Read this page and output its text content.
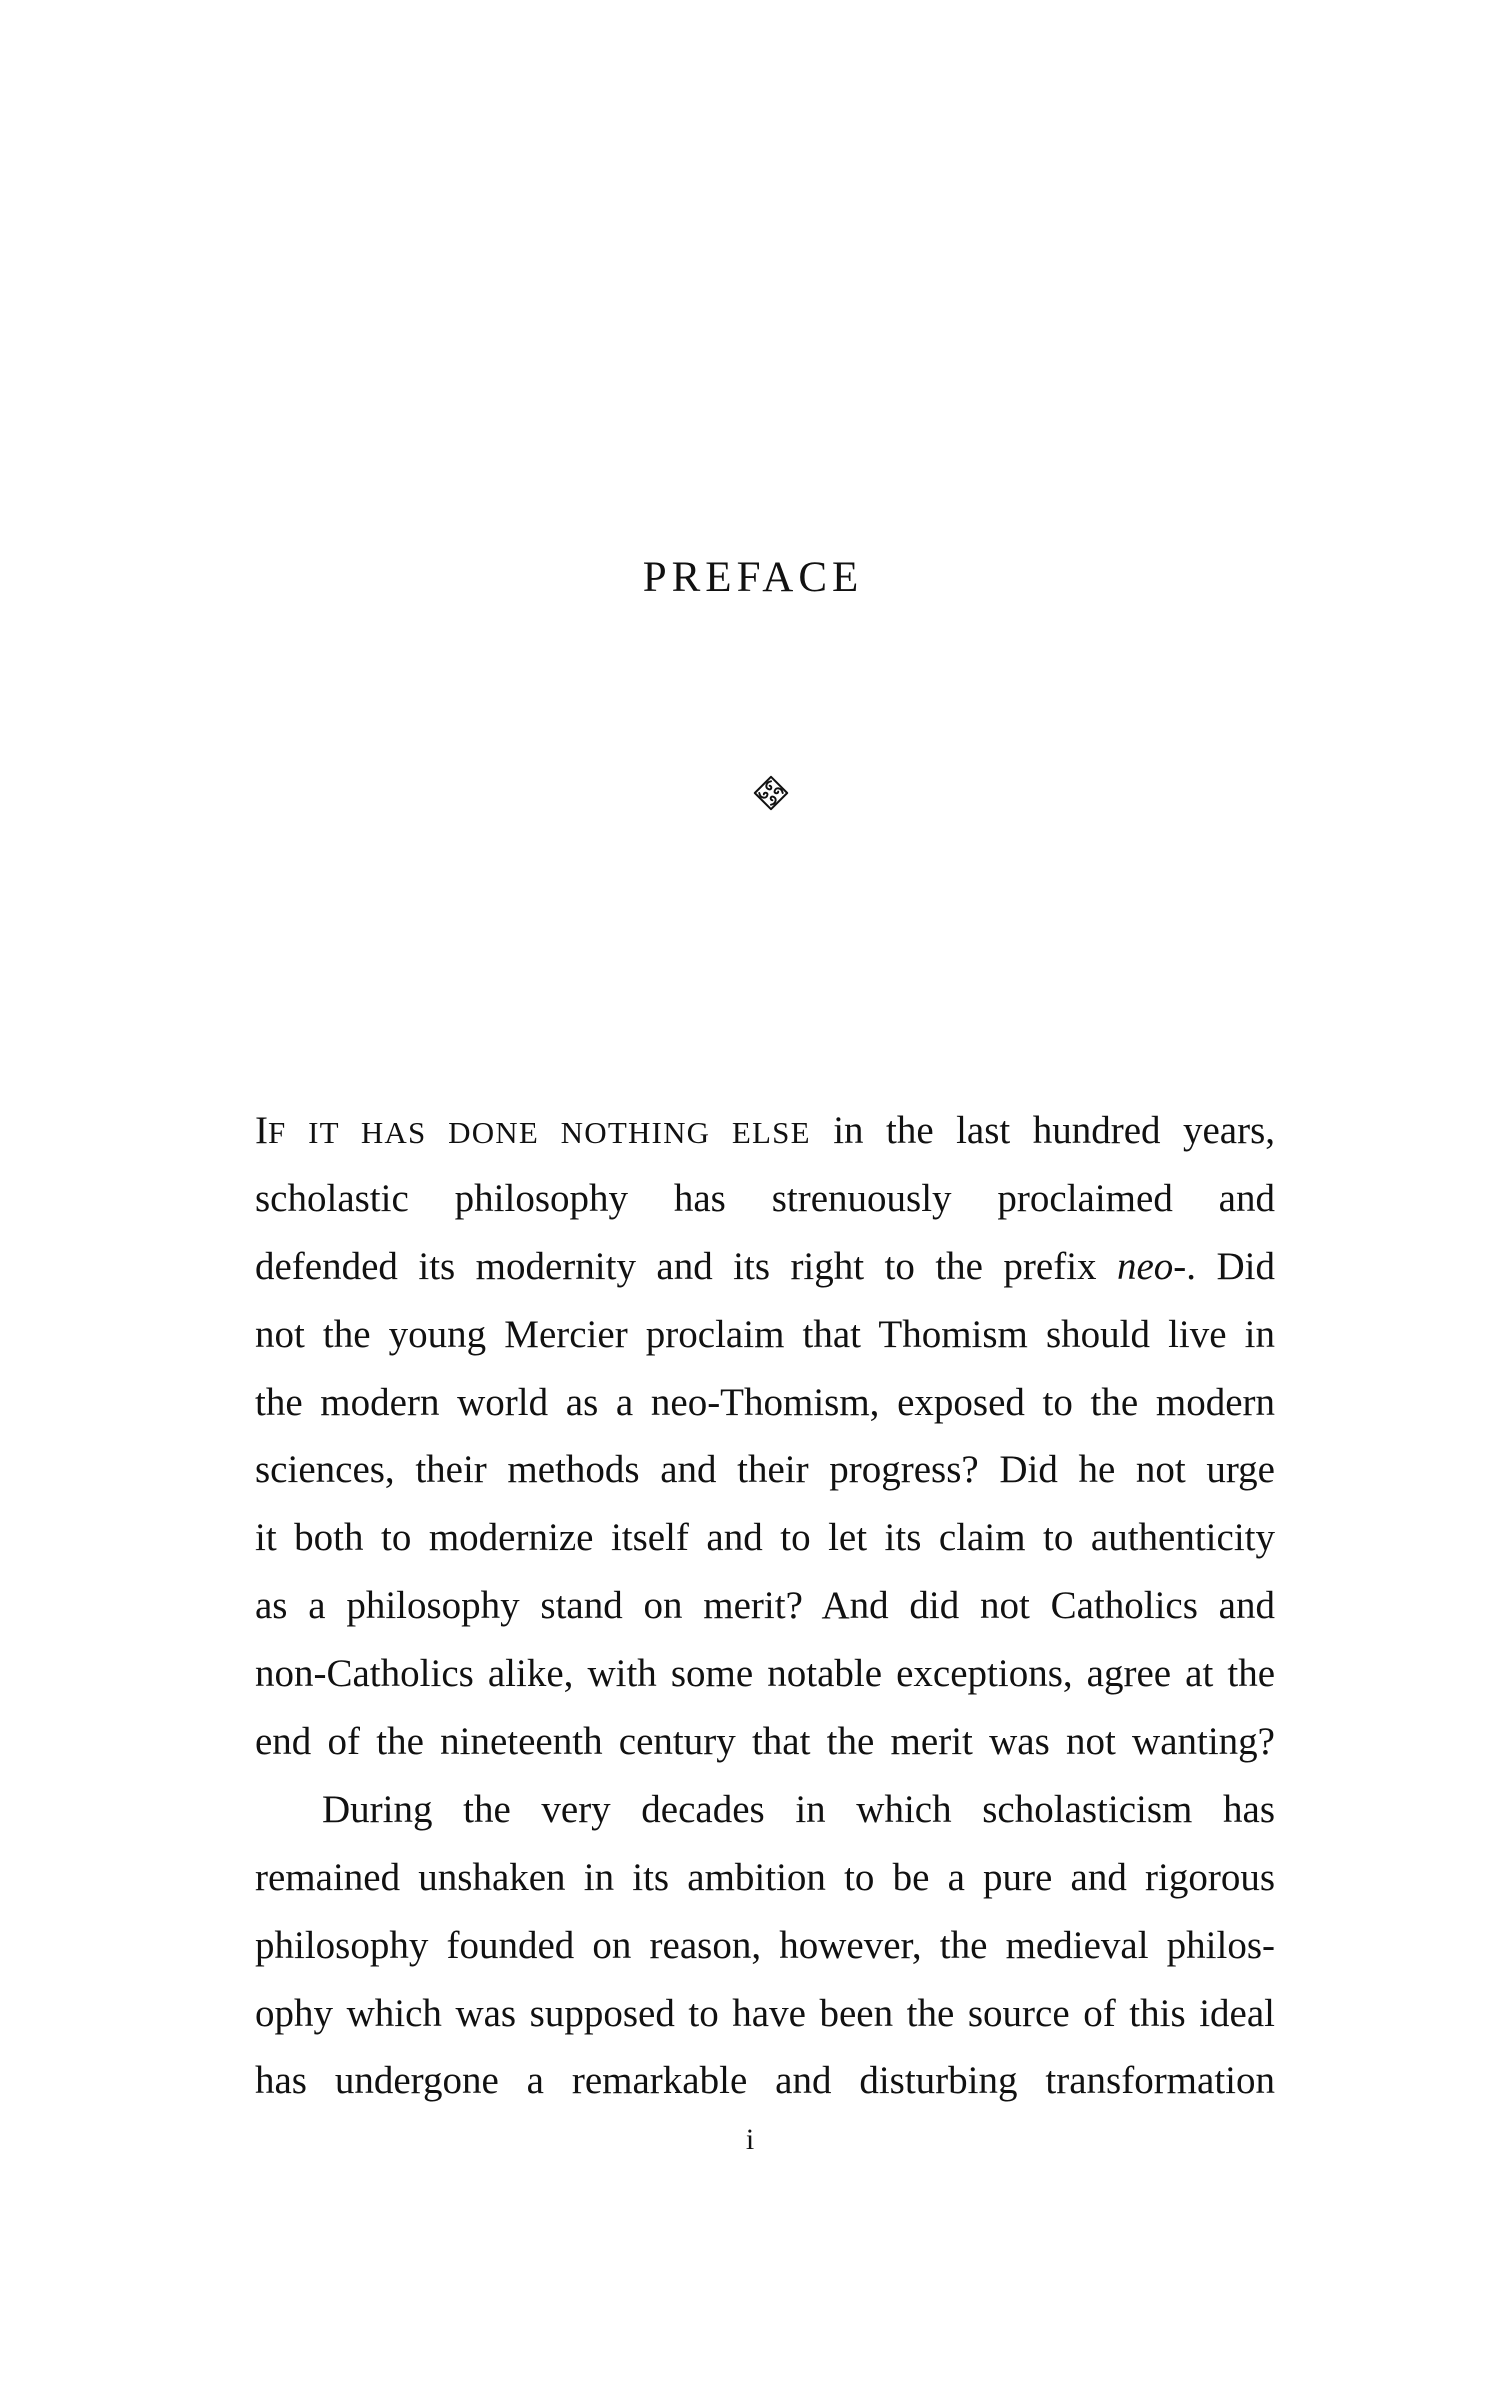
PREFACE
IF IT HAS DONE NOTHING ELSE in the last hundred years,
scholastic philosophy has strenuously proclaimed and
defended its modernity and its right to the prefix neo-. Did
not the young Mercier proclaim that Thomism should live in
the modern world as a neo-Thomism, exposed to the modern
sciences, their methods and their progress? Did he not urge
it both to modernize itself and to let its claim to authenticity
as a philosophy stand on merit? And did not Catholics and
non-Catholics alike, with some notable exceptions, agree at the
end of the nineteenth century that the merit was not wanting?
During the very decades in which scholasticism has
remained unshaken in its ambition to be a pure and rigorous
philosophy founded on reason, however, the medieval philos-
ophy which was supposed to have been the source of this ideal
has undergone a remarkable and disturbing transformation
i
